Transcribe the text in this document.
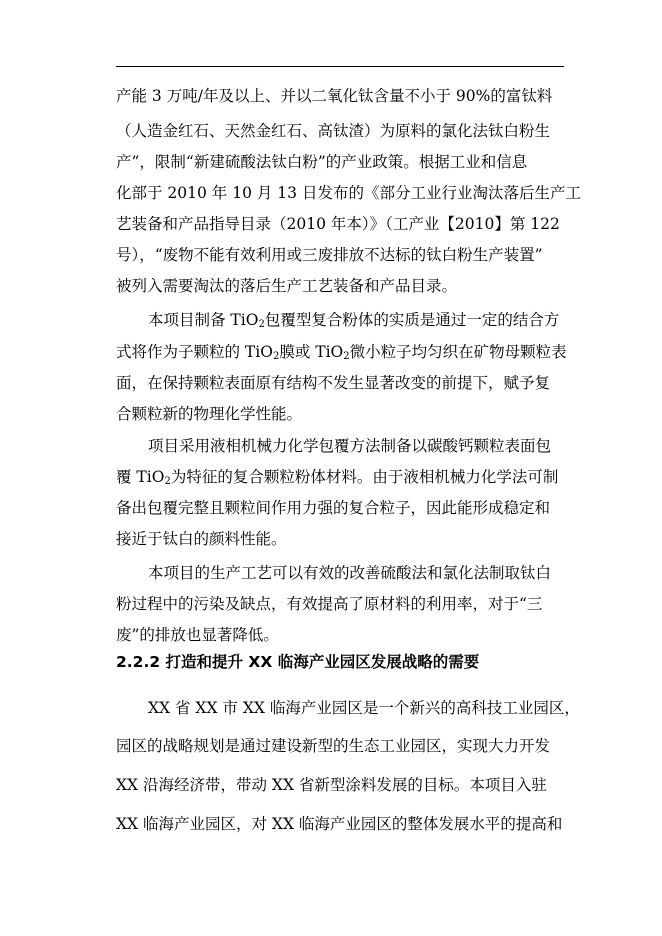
产能 3 万吨/年及以上、并以二氧化钛含量不小于 90%的富钛料
（人造金红石、天然金红石、高钛渣）为原料的氯化法钛白粉生
产”，限制“新建硫酸法钛白粉”的产业政策。根据工业和信息
化部于 2010 年 10 月 13 日发布的《部分工业行业淘汰落后生产工
艺装备和产品指导目录（2010 年本）》（工产业【2010】第 122
号），“废物不能有效利用或三废排放不达标的钛白粉生产装置”
被列入需要淘汰的落后生产工艺装备和产品目录。
本项目制备 TiO$_2$包覆型复合粉体的实质是通过一定的结合方
式将作为子颗粒的 TiO$_2$膜或 TiO$_2$微小粒子均匀织在矿物母颗粒表
面，在保持颗粒表面原有结构不发生显著改变的前提下，赋予复
合颗粒新的物理化学性能。
项目采用液相机械力化学包覆方法制备以碳酸钙颗粒表面包
覆 TiO$_2$为特征的复合颗粒粉体材料。由于液相机械力化学法可制
备出包覆完整且颗粒间作用力强的复合粒子，因此能形成稳定和
接近于钛白的颜料性能。
本项目的生产工艺可以有效的改善硫酸法和氯化法制取钛白
粉过程中的污染及缺点，有效提高了原材料的利用率，对于“三
废”的排放也显著降低。
2.2.2 打造和提升 XX 临海产业园区发展战略的需要
XX 省 XX 市 XX 临海产业园区是一个新兴的高科技工业园区，
园区的战略规划是通过建设新型的生态工业园区，实现大力开发
XX 沿海经济带，带动 XX 省新型涂料发展的目标。本项目入驻
XX 临海产业园区，对 XX 临海产业园区的整体发展水平的提高和
